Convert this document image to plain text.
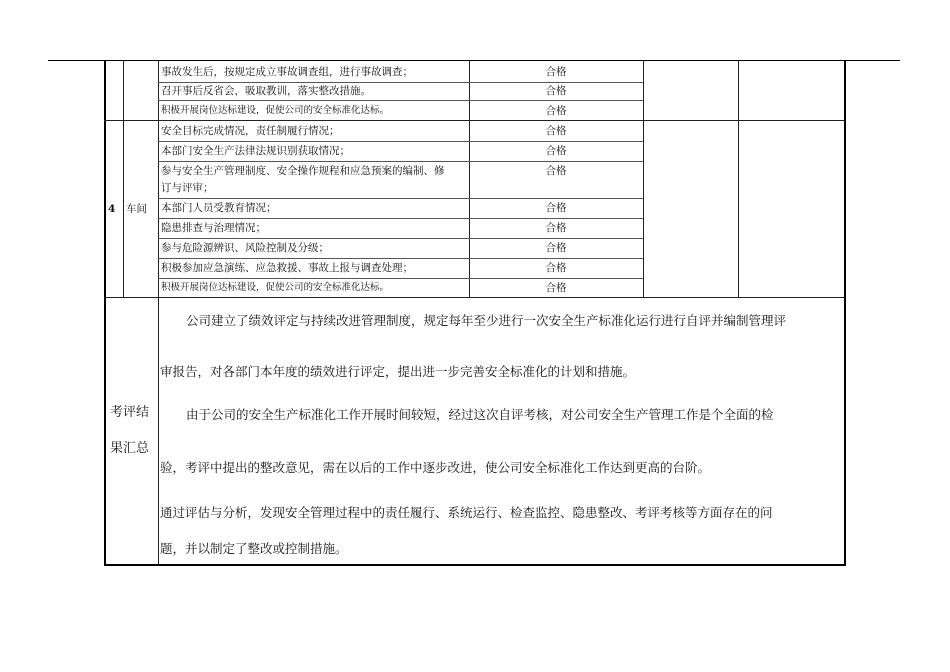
事故发生后，按规定成立事故调查组，进行事故调查；	合格
召开事后反省会，吸取教训，落实整改措施。	合格
积极开展岗位达标建设，促使公司的安全标准化达标。	合格
4 车间
安全目标完成情况，责任制履行情况；	合格
本部门安全生产法律法规识别获取情况；	合格
参与安全生产管理制度、安全操作规程和应急预案的编制、修
订与评审；
合格
本部门人员受教育情况；	合格
隐患排查与治理情况；	合格
参与危险源辨识、风险控制及分级；	合格
积极参加应急演练、应急救援、事故上报与调查处理；	合格
积极开展岗位达标建设，促使公司的安全标准化达标。	合格
考评结
果汇总
公司建立了绩效评定与持续改进管理制度，规定每年至少进行一次安全生产标准化运行进行自评并编制管理评
审报告，对各部门本年度的绩效进行评定，提出进一步完善安全标准化的计划和措施。
由于公司的安全生产标准化工作开展时间较短，经过这次自评考核，对公司安全生产管理工作是个全面的检
验，考评中提出的整改意见，需在以后的工作中逐步改进，使公司安全标准化工作达到更高的台阶。
通过评估与分析，发现安全管理过程中的责任履行、系统运行、检查监控、隐患整改、考评考核等方面存在的问
题，并以制定了整改或控制措施。
